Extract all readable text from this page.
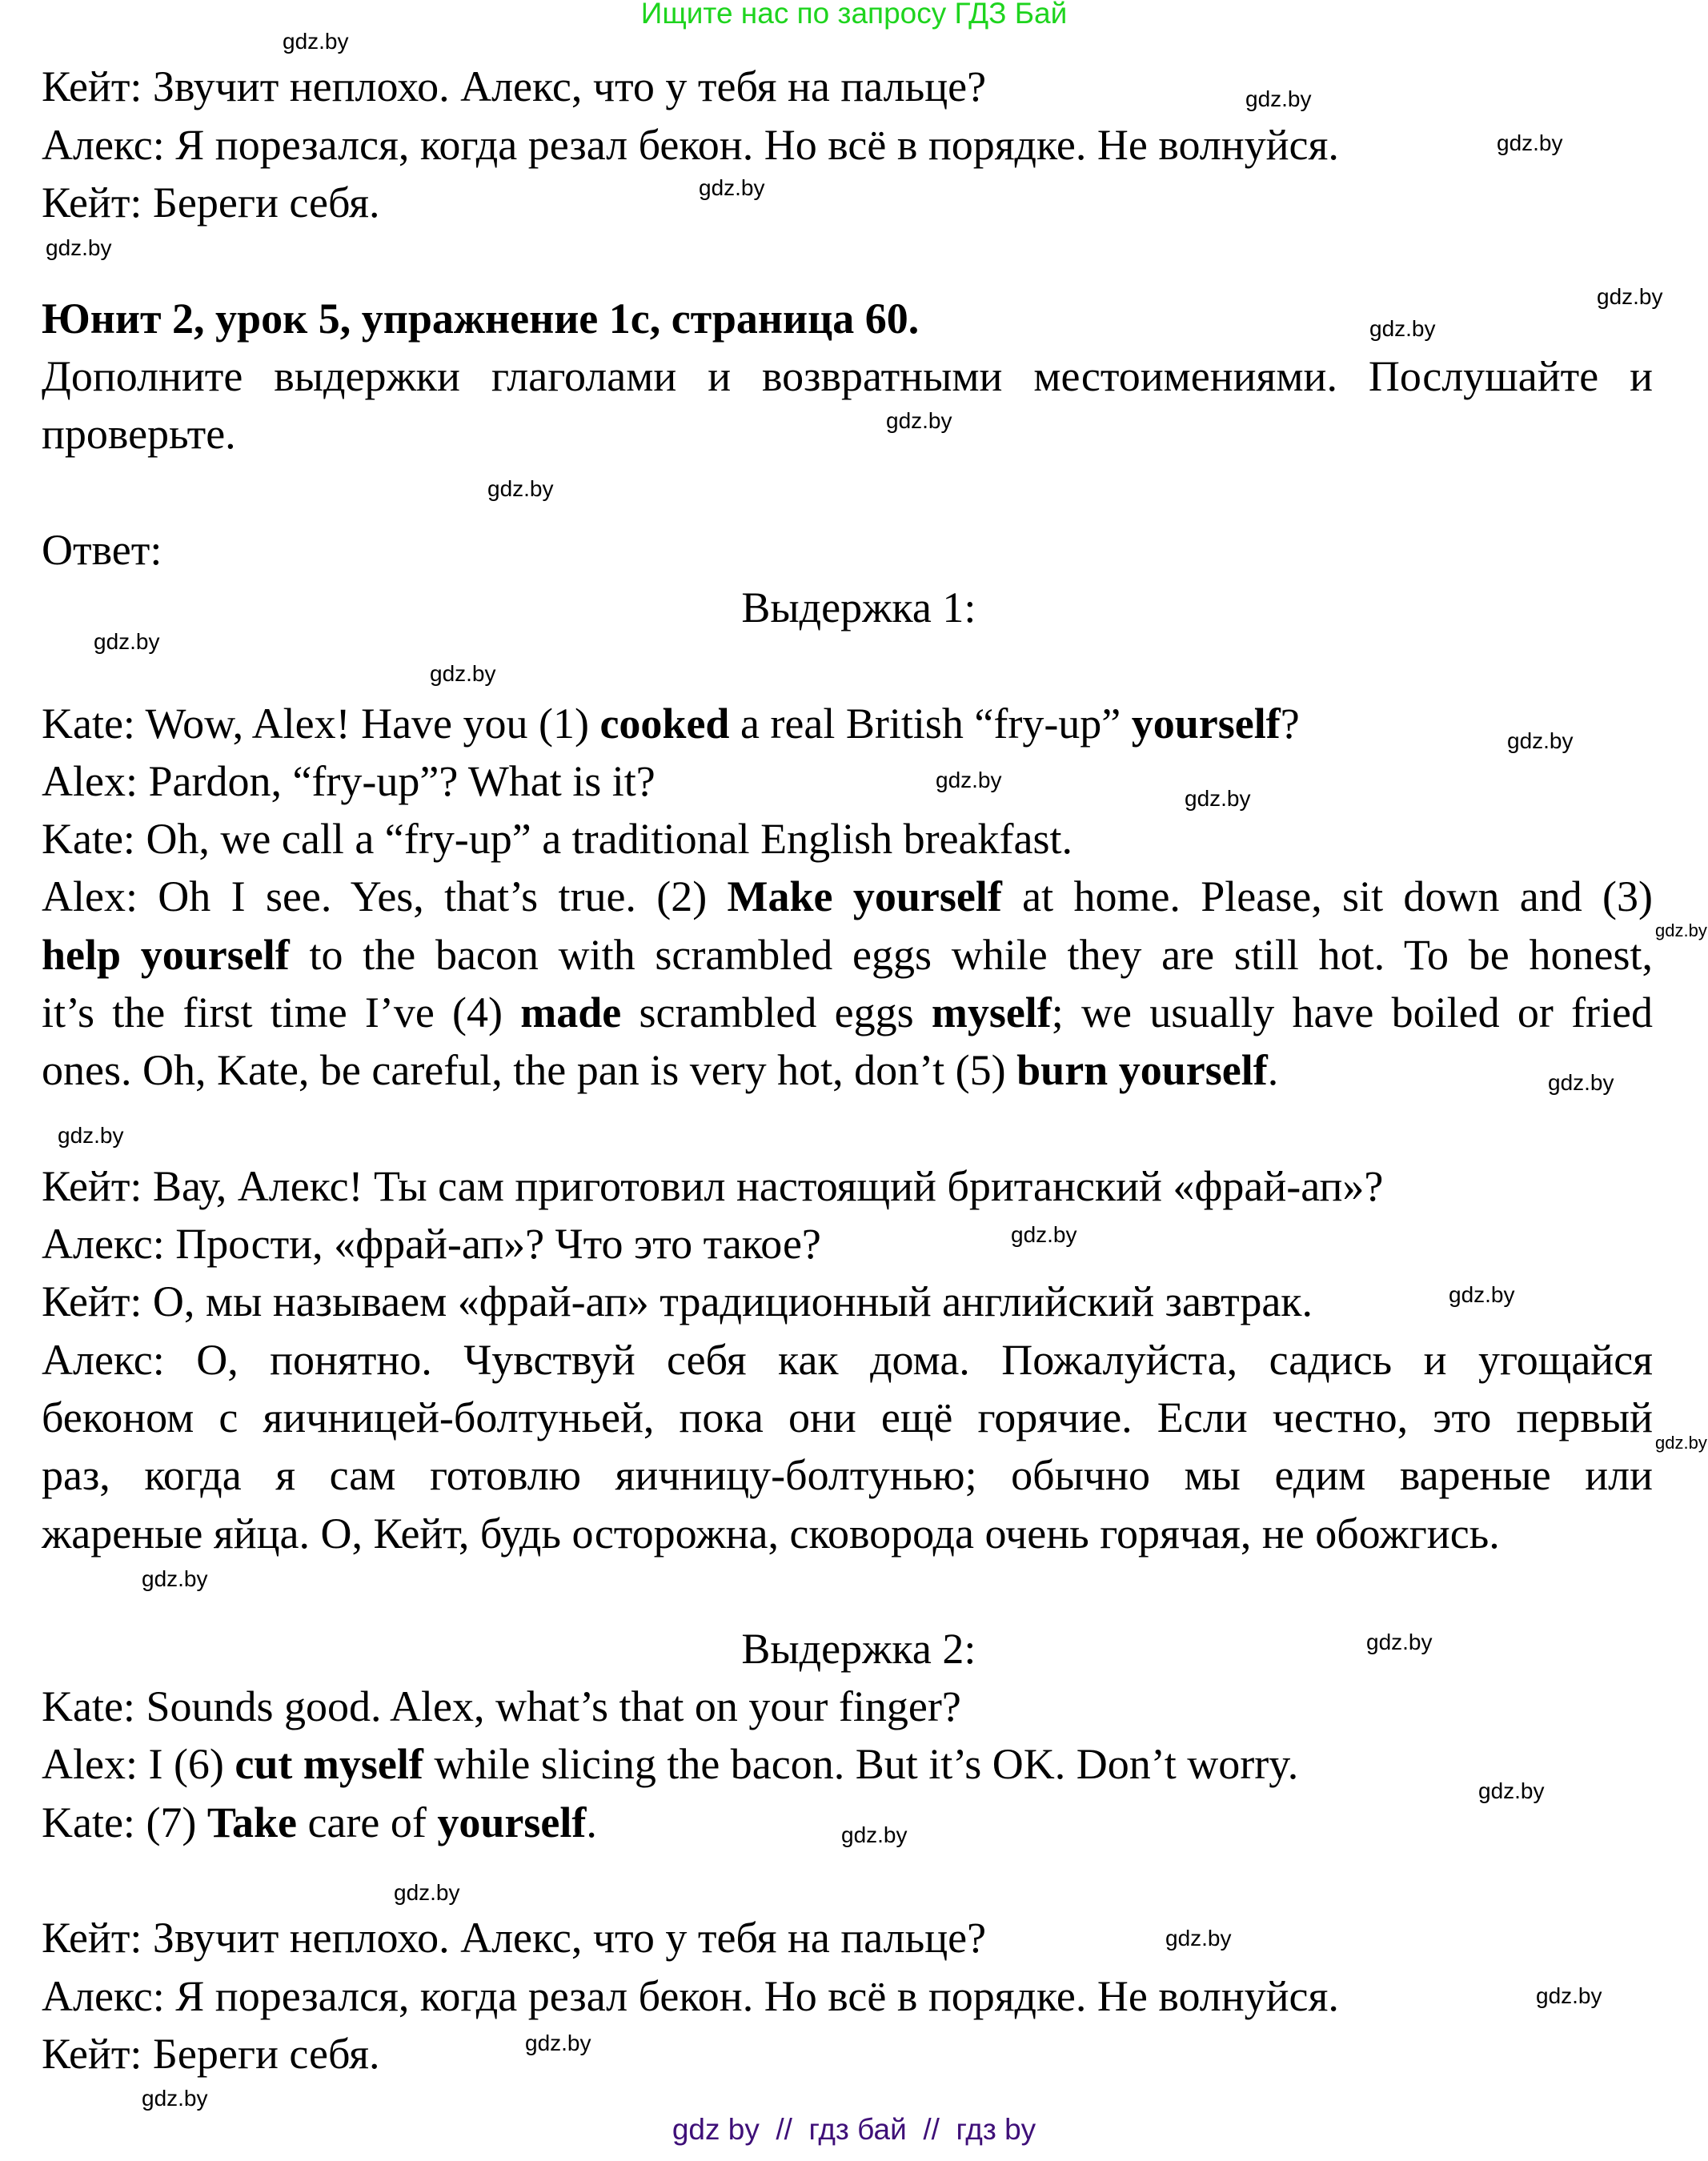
Ищите нас по запросу ГДЗ Бай
Кейт: Звучит неплохо. Алекс, что у тебя на пальце?
Алекс: Я порезался, когда резал бекон. Но всё в порядке. Не волнуйся.
Кейт: Береги себя.
Юнит 2, урок 5, упражнение 1c, страница 60.
Дополните выдержки глаголами и возвратными местоимениями. Послушайте и
проверьте.
Ответ:
Выдержка 1:
Kate: Wow, Alex! Have you (1) cooked a real British “fry-up” yourself?
Alex: Pardon, “fry-up”? What is it?
Kate: Oh, we call a “fry-up” a traditional English breakfast.
Alex: Oh I see. Yes, that’s true. (2) Make yourself at home. Please, sit down and (3)
help yourself to the bacon with scrambled eggs while they are still hot. To be honest,
it’s the first time I’ve (4) made scrambled eggs myself; we usually have boiled or fried
ones. Oh, Kate, be careful, the pan is very hot, don’t (5) burn yourself.
Кейт: Вау, Алекс! Ты сам приготовил настоящий британский «фрай-ап»?
Алекс: Прости, «фрай-ап»? Что это такое?
Кейт: О, мы называем «фрай-ап» традиционный английский завтрак.
Алекс: О, понятно. Чувствуй себя как дома. Пожалуйста, садись и угощайся
беконом с яичницей-болтуньей, пока они ещё горячие. Если честно, это первый
раз, когда я сам готовлю яичницу-болтунью; обычно мы едим вареные или
жареные яйца. О, Кейт, будь осторожна, сковорода очень горячая, не обожгись.
Выдержка 2:
Kate: Sounds good. Alex, what’s that on your finger?
Alex: I (6) cut myself while slicing the bacon. But it’s OK. Don’t worry.
Kate: (7) Take care of yourself.
Кейт: Звучит неплохо. Алекс, что у тебя на пальце?
Алекс: Я порезался, когда резал бекон. Но всё в порядке. Не волнуйся.
Кейт: Береги себя.
gdz.by
gdz.by
gdz.by
gdz.by
gdz.by
gdz.by
gdz.by
gdz.by
gdz.by
gdz.by
gdz.by
gdz.by
gdz.by
gdz.by
gdz.by
gdz.by
gdz.by
gdz.by
gdz.by
gdz.by
gdz.by
gdz.by
gdz.by
gdz.by
gdz.by
gdz.by
gdz.by
gdz.by
gdz.by
gdz by  //  гдз бай  //  гдз by
